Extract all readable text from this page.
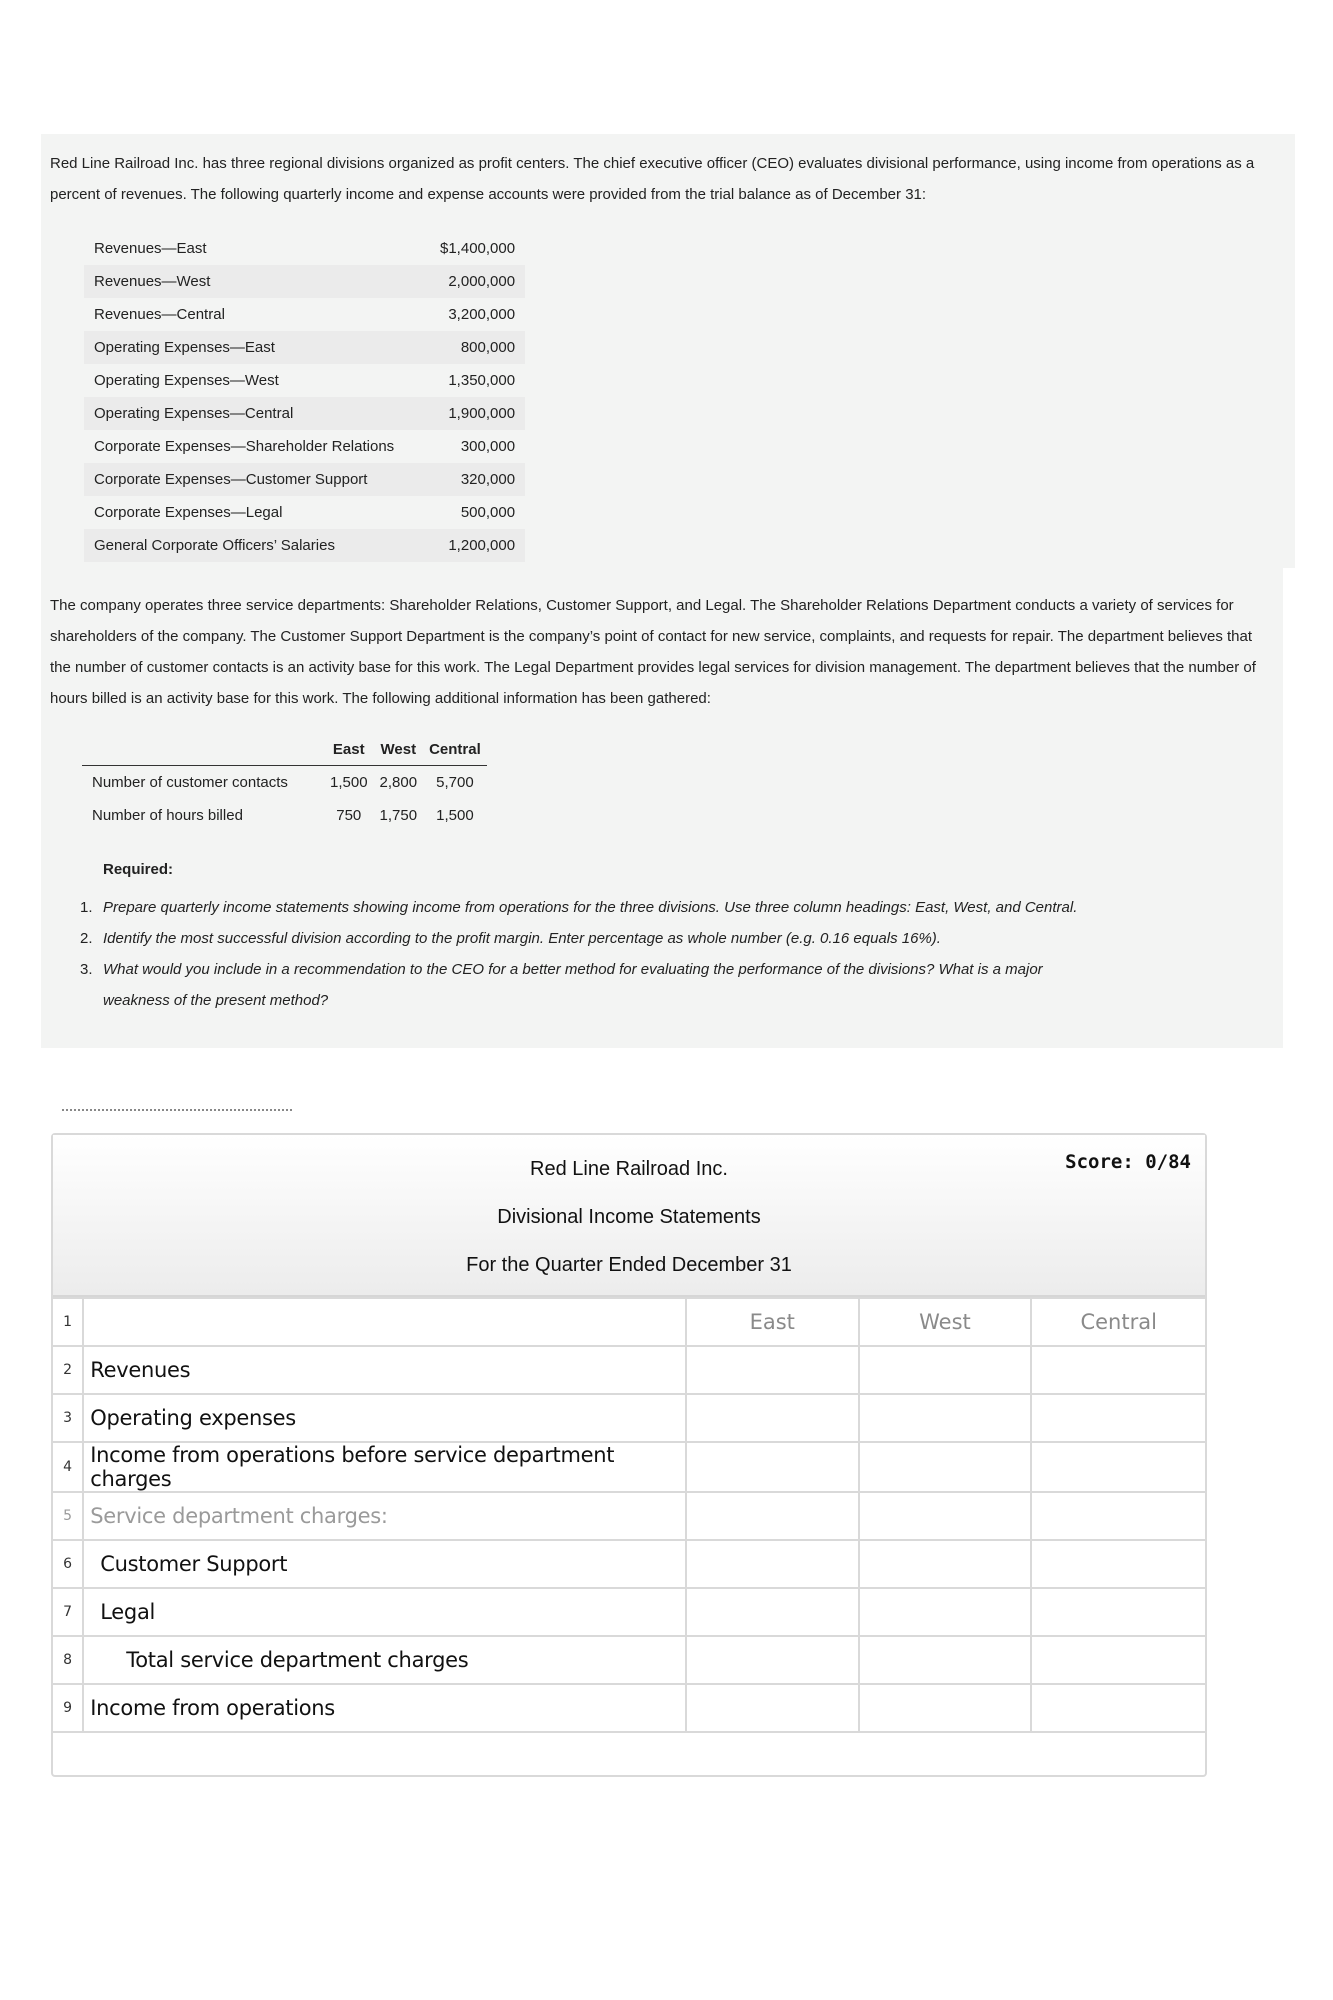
Red Line Railroad Inc. has three regional divisions organized as profit centers. The chief executive officer (CEO) evaluates divisional performance, using income from operations as a percent of revenues. The following quarterly income and expense accounts were provided from the trial balance as of December 31:
Revenues—East	$1,400,000
Revenues—West	2,000,000
Revenues—Central	3,200,000
Operating Expenses—East	800,000
Operating Expenses—West	1,350,000
Operating Expenses—Central	1,900,000
Corporate Expenses—Shareholder Relations	300,000
Corporate Expenses—Customer Support	320,000
Corporate Expenses—Legal	500,000
General Corporate Officers’ Salaries	1,200,000
The company operates three service departments: Shareholder Relations, Customer Support, and Legal. The Shareholder Relations Department conducts a variety of services for shareholders of the company. The Customer Support Department is the company’s point of contact for new service, complaints, and requests for repair. The department believes that the number of customer contacts is an activity base for this work. The Legal Department provides legal services for division management. The department believes that the number of hours billed is an activity base for this work. The following additional information has been gathered:
	East	West	Central
Number of customer contacts	1,500	2,800	5,700
Number of hours billed	750	1,750	1,500
Required:
1. Prepare quarterly income statements showing income from operations for the three divisions. Use three column headings: East, West, and Central.
2. Identify the most successful division according to the profit margin. Enter percentage as whole number (e.g. 0.16 equals 16%).
3. What would you include in a recommendation to the CEO for a better method for evaluating the performance of the divisions? What is a major weakness of the present method?
Red Line Railroad Inc.
Divisional Income Statements
For the Quarter Ended December 31
Score: 0/84
1		East	West	Central
2	Revenues			
3	Operating expenses			
4	Income from operations before service department charges			
5	Service department charges:			
6	Customer Support			
7	Legal			
8	Total service department charges			
9	Income from operations			
